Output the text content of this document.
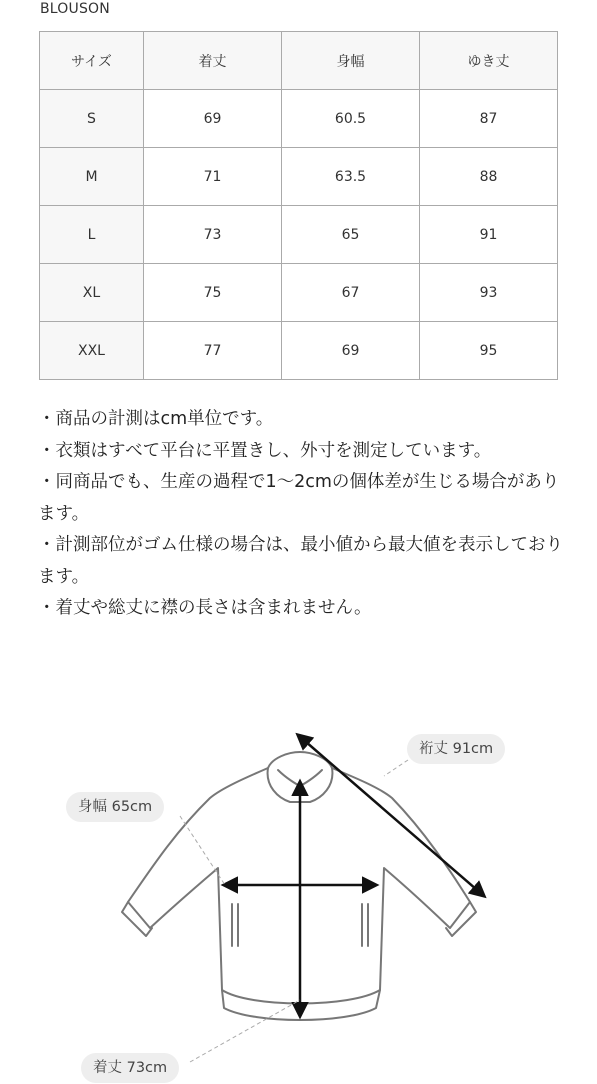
BLOUSON
サイズ	着丈	身幅	ゆき丈
S	69	60.5	87
M	71	63.5	88
L	73	65	91
XL	75	67	93
XXL	77	69	95
・商品の計測はcm単位です。
・衣類はすべて平台に平置きし、外寸を測定しています。
・同商品でも、生産の過程で1〜2cmの個体差が生じる場合があります。
・計測部位がゴム仕様の場合は、最小値から最大値を表示しております。
・着丈や総丈に襟の長さは含まれません。
裄丈 91cm
身幅 65cm
着丈 73cm
